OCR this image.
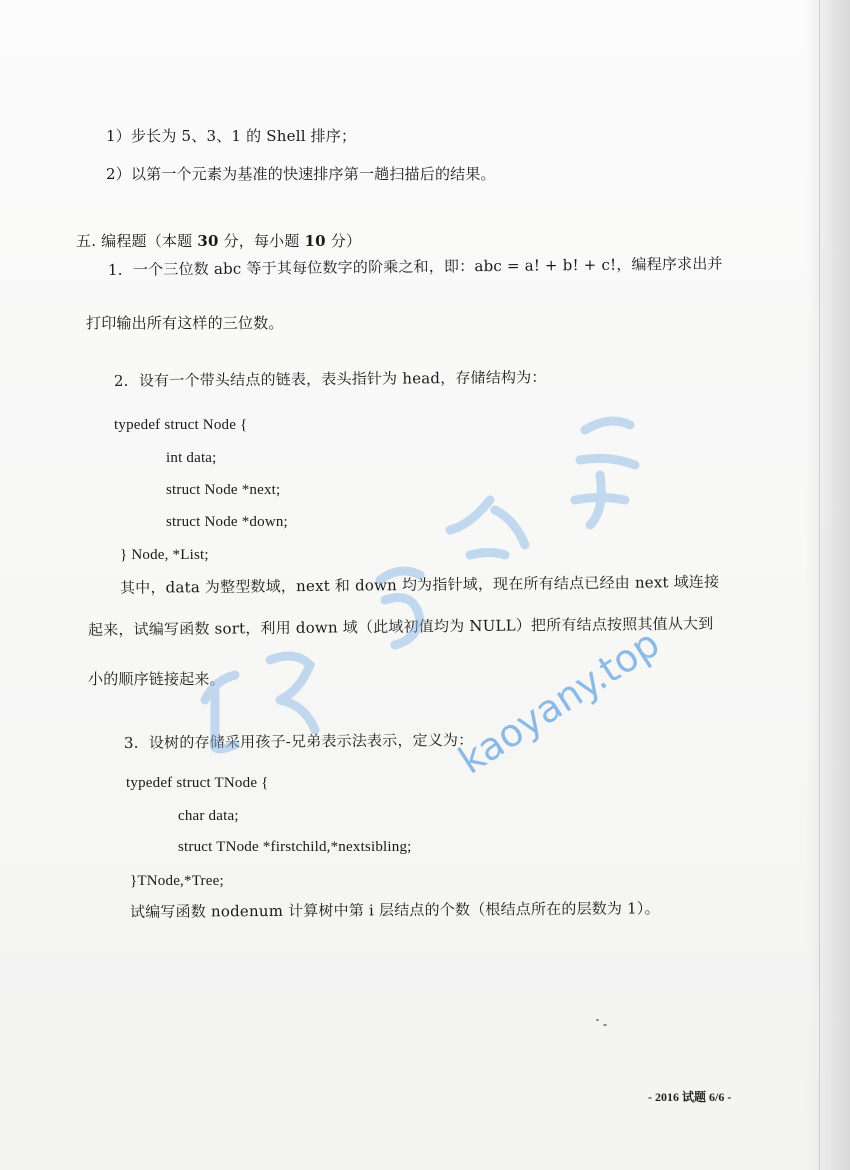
1）步长为 5、3、1 的 Shell 排序；
2）以第一个元素为基准的快速排序第一趟扫描后的结果。
五. 编程题（本题 30 分，每小题 10 分）
1．一个三位数 abc 等于其每位数字的阶乘之和，即：abc = a! + b! + c!，编程序求出并
打印输出所有这样的三位数。
2．设有一个带头结点的链表，表头指针为 head，存储结构为：
typedef struct Node {
int data;
struct Node *next;
struct Node *down;
} Node, *List;
其中，data 为整型数域，next 和 down 均为指针域，现在所有结点已经由 next 域连接
起来，试编写函数 sort，利用 down 域（此域初值均为 NULL）把所有结点按照其值从大到
小的顺序链接起来。
3．设树的存储采用孩子-兄弟表示法表示，定义为：
typedef struct TNode {
char data;
struct TNode *firstchild,*nextsibling;
}TNode,*Tree;
试编写函数 nodenum 计算树中第 i 层结点的个数（根结点所在的层数为 1）。
- 2016 试题 6/6 -
kaoyany.top
